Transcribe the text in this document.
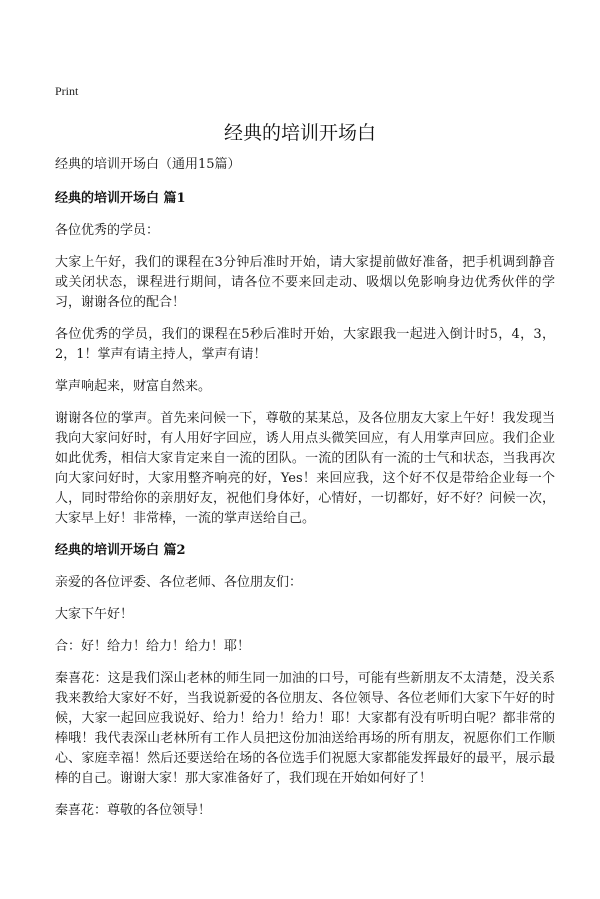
Print
经典的培训开场白

经典的培训开场白（通用15篇）

经典的培训开场白 篇1

各位优秀的学员：

大家上午好，我们的课程在3分钟后准时开始，请大家提前做好准备，把手机调到静音或关闭状态，课程进行期间，请各位不要来回走动、吸烟以免影响身边优秀伙伴的学习，谢谢各位的配合！

各位优秀的学员，我们的课程在5秒后准时开始，大家跟我一起进入倒计时5，4，3，2，1！掌声有请主持人，掌声有请！

掌声响起来，财富自然来。

谢谢各位的掌声。首先来问候一下，尊敬的某某总，及各位朋友大家上午好！我发现当我向大家问好时，有人用好字回应，诱人用点头微笑回应，有人用掌声回应。我们企业如此优秀，相信大家肯定来自一流的团队。一流的团队有一流的士气和状态，当我再次向大家问好时，大家用整齐响亮的好，Yes！来回应我，这个好不仅是带给企业每一个人，同时带给你的亲朋好友，祝他们身体好，心情好，一切都好，好不好？问候一次，大家早上好！非常棒，一流的掌声送给自己。

经典的培训开场白 篇2

亲爱的各位评委、各位老师、各位朋友们：

大家下午好！

合：好！给力！给力！给力！耶！

秦喜花：这是我们深山老林的师生同一加油的口号，可能有些新朋友不太清楚，没关系我来教给大家好不好，当我说新爱的各位朋友、各位领导、各位老师们大家下午好的时候，大家一起回应我说好、给力！给力！给力！耶！大家都有没有听明白呢？都非常的棒哦！我代表深山老林所有工作人员把这份加油送给再场的所有朋友，祝愿你们工作顺心、家庭幸福！然后还要送给在场的各位选手们祝愿大家都能发挥最好的最平，展示最棒的自己。谢谢大家！那大家准备好了，我们现在开始如何好了！

秦喜花：尊敬的各位领导！
